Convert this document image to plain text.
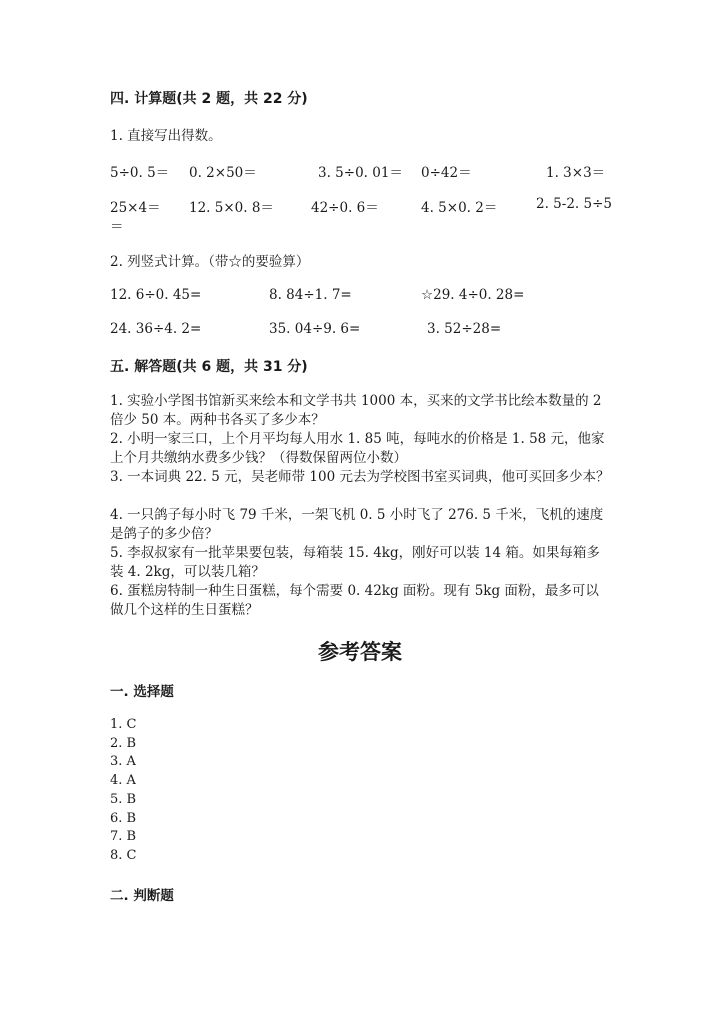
四. 计算题(共 2 题，共 22 分)
1. 直接写出得数。
5÷0. 5＝ 0. 2×50＝	3. 5÷0. 01＝ 0÷42＝	1. 3×3＝
25×4＝ 12. 5×0. 8＝	42÷0. 6＝	4. 5×0. 2＝	2. 5-2. 5÷5
＝
2. 列竖式计算。（带☆的要验算）
12. 6÷0. 45=	8. 84÷1. 7=	☆29. 4÷0. 28=
24. 36÷4. 2=	35. 04÷9. 6=	3. 52÷28=
五. 解答题(共 6 题，共 31 分)
1. 实验小学图书馆新买来绘本和文学书共 1000 本，买来的文学书比绘本数量的 2 倍少 50 本。两种书各买了多少本？
2. 小明一家三口，上个月平均每人用水 1. 85 吨，每吨水的价格是 1. 58 元，他家上个月共缴纳水费多少钱？（得数保留两位小数）
3. 一本词典 22. 5 元，吴老师带 100 元去为学校图书室买词典，他可买回多少本？
4. 一只鸽子每小时飞 79 千米，一架飞机 0. 5 小时飞了 276. 5 千米，飞机的速度是鸽子的多少倍？
5. 李叔叔家有一批苹果要包装，每箱装 15. 4kg，刚好可以装 14 箱。如果每箱多装 4. 2kg，可以装几箱？
6. 蛋糕房特制一种生日蛋糕，每个需要 0. 42kg 面粉。现有 5kg 面粉，最多可以做几个这样的生日蛋糕？
参考答案
一. 选择题
1. C
2. B
3. A
4. A
5. B
6. B
7. B
8. C
二. 判断题
